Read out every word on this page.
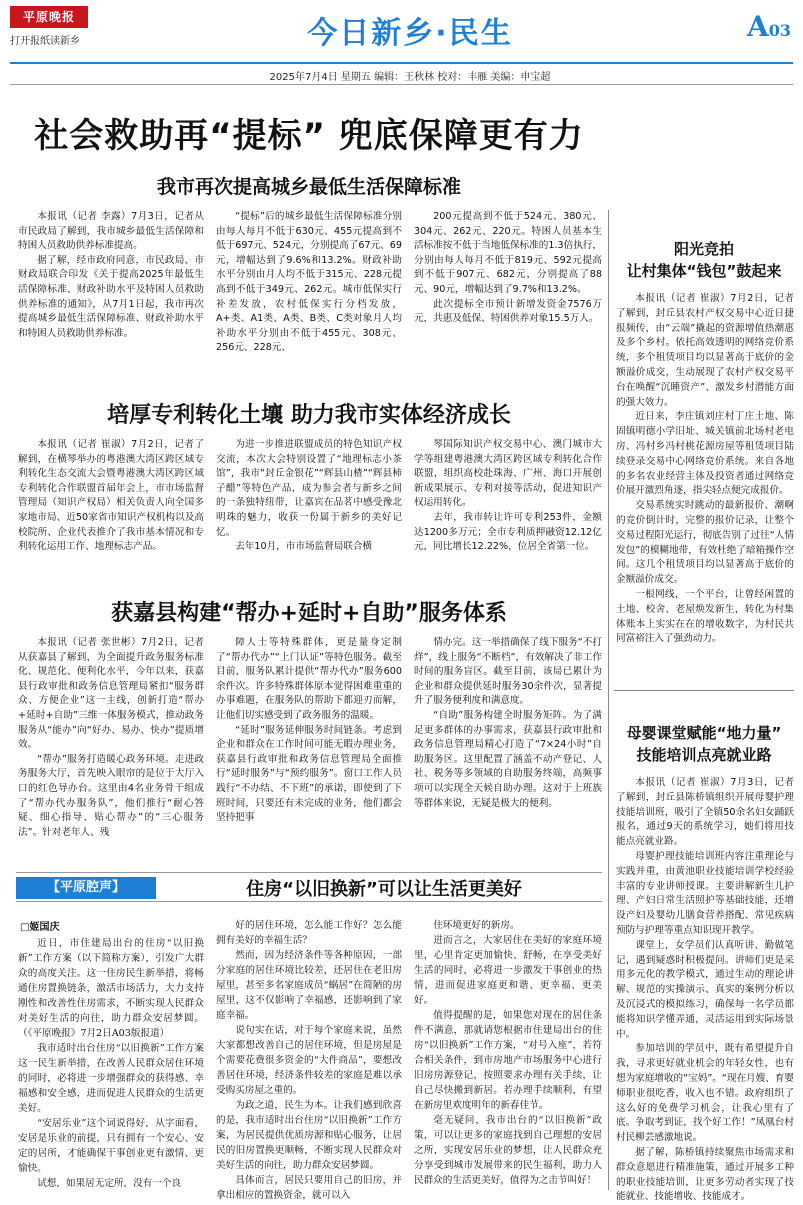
平原晚报
打开报纸读新乡	今日新乡·民生	A03
2025年7月4日 星期五 编辑：王秋林 校对：丰雁 美编：申宝超
社会救助再“提标” 兜底保障更有力
我市再次提高城乡最低生活保障标准

本报讯（记者 李露）7月3日，记者从市民政局了解到，我市城乡最低生活保障和特困人员救助供养标准提高。

据了解，经市政府同意，市民政局、市财政局联合印发《关于提高2025年最低生活保障标准、财政补助水平及特困人员救助供养标准的通知》，从7月1日起，我市再次提高城乡最低生活保障标准、财政补助水平和特困人员救助供养标准。

“提标”后的城乡最低生活保障标准分别由每人每月不低于630元、455元提高到不低于697元、524元，分别提高了67元、69元，增幅达到了9.6%和13.2%。财政补助水平分别由月人均不低于315元、228元提高到不低于349元、262元。城市低保实行补差发放，农村低保实行分档发放，A+类、A1类、A类、B类、C类对象月人均补助水平分别由不低于455元、308元、256元、228元、

200元提高到不低于524元、380元、304元、262元、220元。特困人员基本生活标准按不低于当地低保标准的1.3倍执行，分别由每人每月不低于819元、592元提高到不低于907元、682元，分别提高了88元、90元，增幅达到了9.7%和13.2%。

此次提标全市预计新增发资金7576万元，共惠及低保、特困供养对象15.5万人。

培厚专利转化土壤 助力我市实体经济成长

本报讯（记者 崔淑）7月2日，记者了解到，在横琴举办的粤港澳大湾区跨区域专利转化生态交流大会暨粤港澳大湾区跨区域专利转化合作联盟首届年会上，市市场监督管理局（知识产权局）相关负责人向全国多家地市局、近50家省市知识产权机构以及高校院所、企业代表推介了我市基本情况和专利转化运用工作、地理标志产品。

为进一步推进联盟成员的特色知识产权交流，本次大会特别设置了“地理标志小茶馆”，我市“封丘金银花”“辉县山楂”“辉县柿子醋”等特色产品，成为参会者与新乡之间的一条独特纽带，让嘉宾在品茗中感受豫北明珠的魅力，收获一份属于新乡的美好记忆。

去年10月，市市场监督局联合横

琴国际知识产权交易中心、澳门城市大学等组建粤港澳大湾区跨区域专利转化合作联盟，组织高校赴珠海、广州、海口开展创新成果展示、专利对接等活动，促进知识产权运用转化。

去年，我市转让许可专利253件，金额达1200多万元；全市专利质押融资12.12亿元，同比增长12.22%，位居全省第一位。

获嘉县构建“帮办+延时+自助”服务体系

本报讯（记者 张世彬）7月2日，记者从获嘉县了解到，为全面提升政务服务标准化、规范化、便利化水平，今年以来，获嘉县行政审批和政务信息管理局紧扣“服务群众、方便企业”这一主线，创新打造“帮办+延时+自助”三维一体服务模式，推动政务服务从“能办”向“好办、易办、快办”提质增效。

“帮办”服务打造暖心政务环境。走进政务服务大厅，首先映入眼帘的是位于大厅入口的红色导办台。这里由4名业务骨干组成了“帮办代办服务队”，他们推行“耐心答疑、细心指导、贴心帮办”的“三心服务法”。针对老年人、残

障人士等特殊群体，更是量身定制了“帮办代办”“上门认证”等特色服务。截至目前，服务队累计提供“帮办代办”服务600余件次。许多特殊群体原本觉得困难重重的办事难题，在服务队的帮助下都迎刃而解，让他们切实感受到了政务服务的温暖。

“延时”服务延伸服务时间链条。考虑到企业和群众在工作时间可能无暇办理业务，获嘉县行政审批和政务信息管理局全面推行“延时服务”与“预约服务”。窗口工作人员践行“不办结、不下班”的承诺，即使到了下班时间，只要还有未完成的业务，他们都会坚持把事

情办完。这一举措确保了线下服务“不打烊”，线上服务“不断档”，有效解决了非工作时间的服务盲区。截至目前，该局已累计为企业和群众提供延时服务30余件次，显著提升了服务便利度和满意度。

“自助”服务构建全时服务矩阵。为了满足更多群体的办事需求，获嘉县行政审批和政务信息管理局精心打造了“7×24小时”自助服务区。这里配置了涵盖不动产登记、人社、税务等多领域的自助服务终端，高频事项可以实现全天候自助办理。这对于上班族等群体来说，无疑是极大的便利。

【平原腔声】	住房“以旧换新”可以让生活更美好
□姬国庆

近日，市住建局出台的住房“以旧换新”工作方案（以下简称方案），引发广大群众的高度关注。这一住房民生新举措，将畅通住房置换链条，激活市场活力，大力支持刚性和改善性住房需求，不断实现人民群众对美好生活的向往，助力群众安居梦圆。（《平原晚报》7月2日A03版报道）

我市适时出台住房“以旧换新”工作方案这一民生新举措，在改善人民群众居住环境的同时，必将进一步增强群众的获得感、幸福感和安全感，进而促进人民群众的生活更美好。

“安居乐业”这个词说得好，从字面看，安居是乐业的前提，只有拥有一个安心、安定的居所，才能确保干事创业更有激情、更愉快。

试想，如果居无定所，没有一个良

好的居住环境，怎么能工作好？怎么能拥有美好的幸福生活？

然而，因为经济条件等各种原因，一部分家庭的居住环境比较差，还居住在老旧房屋里，甚至多名家庭成员“蜗居”在简陋的房屋里，这不仅影响了幸福感，还影响到了家庭幸福。

说句实在话，对于每个家庭来说，虽然大家都想改善自己的居住环境，但是房屋是个需要花费很多资金的“大件商品”，要想改善居住环境，经济条件较差的家庭是难以承受购买房屋之重的。

为政之道，民生为本。让我们感到欣喜的是，我市适时出台住房“以旧换新”工作方案，为居民提供优质房源和贴心服务，让居民的旧房置换更顺畅，不断实现人民群众对美好生活的向往，助力群众安居梦圆。

具体而言，居民只要用自己的旧房，并拿出相应的置换资金，就可以入

住环境更好的新房。

进而言之，大家居住在美好的家庭环境里，心里肯定更加愉快、舒畅，在享受美好生活的同时，必将进一步激发干事创业的热情，进而促进家庭更和谐、更幸福、更美好。

值得提醒的是，如果您对现在的居住条件不满意，那就请您根据市住建局出台的住房“以旧换新”工作方案，“对号入座”，若符合相关条件，到市房地产市场服务中心进行旧房房源登记，按照要求办理有关手续，让自己尽快搬到新居。若办理手续顺利，有望在新房里欢度明年的新春佳节。

毫无疑问，我市出台的“以旧换新”政策，可以让更多的家庭找到自己理想的安居之所，实现安居乐业的梦想，让人民群众充分享受到城市发展带来的民生福利，助力人民群众的生活更美好，值得为之击节叫好！

阳光竞拍
让村集体“钱包”鼓起来

本报讯（记者 崔淑）7月2日，记者了解到，封丘县农村产权交易中心近日捷报频传，由“云端”撬起的资源增值热潮惠及多个乡村。依托高效透明的网络竞价系统，多个租赁项目均以显著高于底价的金额溢价成交，生动展现了农村产权交易平台在唤醒“沉睡资产”、激发乡村潜能方面的强大效力。

近日来，李庄镇刘庄村丁庄土地、陈固镇明德小学旧址、城关镇前北场村老电房、冯村乡冯村桃花源房屋等租赁项目陆续登录交易中心网络竞价系统。来自各地的多名农业经营主体及投资者通过网络竞价展开激烈角逐，指尖轻点便完成报价。

交易系统实时跳动的最新报价、潮啊的竞价倒计时，完整的报价记录，让整个交易过程阳光运行，彻底告别了过往“人情发包”的模糊地带，有效杜绝了暗箱操作空间。这几个租赁项目均以显著高于底价的金额溢价成交。

一根网线，一个平台，让曾经闲置的土地、校舍、老屋焕发新生，转化为村集体账本上实实在在的增收数字，为村民共同富裕注入了强劲动力。

母婴课堂赋能“地力量”
技能培训点亮就业路

本报讯（记者 崔淑）7月3日，记者了解到，封丘县陈桥镇组织开展母婴护理技能培训班，吸引了全镇50余名妇女踊跃报名，通过9天的系统学习，她们将用技能点亮就业路。

母婴护理技能培训班内容注重理论与实践并重，由黄池职业技能培训学校经验丰富的专业讲师授课。主要讲解新生儿护理、产妇日常生活照护等基础技能，还增设产妇及婴幼儿膳食营养搭配、常见疾病预防与护理等重点知识现开教学。

课堂上，女学员们认真听讲、勤做笔记，遇到疑惑时积极提问。讲师们更是采用多元化的教学模式，通过生动的理论讲解、规范的实操演示、真实的案例分析以及沉浸式的模拟练习，确保每一名学员都能将知识学懂弄通，灵活运用到实际场景中。

参加培训的学员中，既有希望提升自我，寻求更好就业机会的年轻女性，也有想为家庭增收的“宝妈”。“现在月嫂、育婴师职业很吃香，收入也不错。政府组织了这么好的免费学习机会，让我心里有了底。争取考到证，找个好工作！”凤凰台村村民柳芸感激地说。

据了解，陈桥镇持续聚焦市场需求和群众意愿进行精准施策，通过开展多工种的职业技能培训，让更多劳动者实现了技能就业、技能增收、技能成才。
